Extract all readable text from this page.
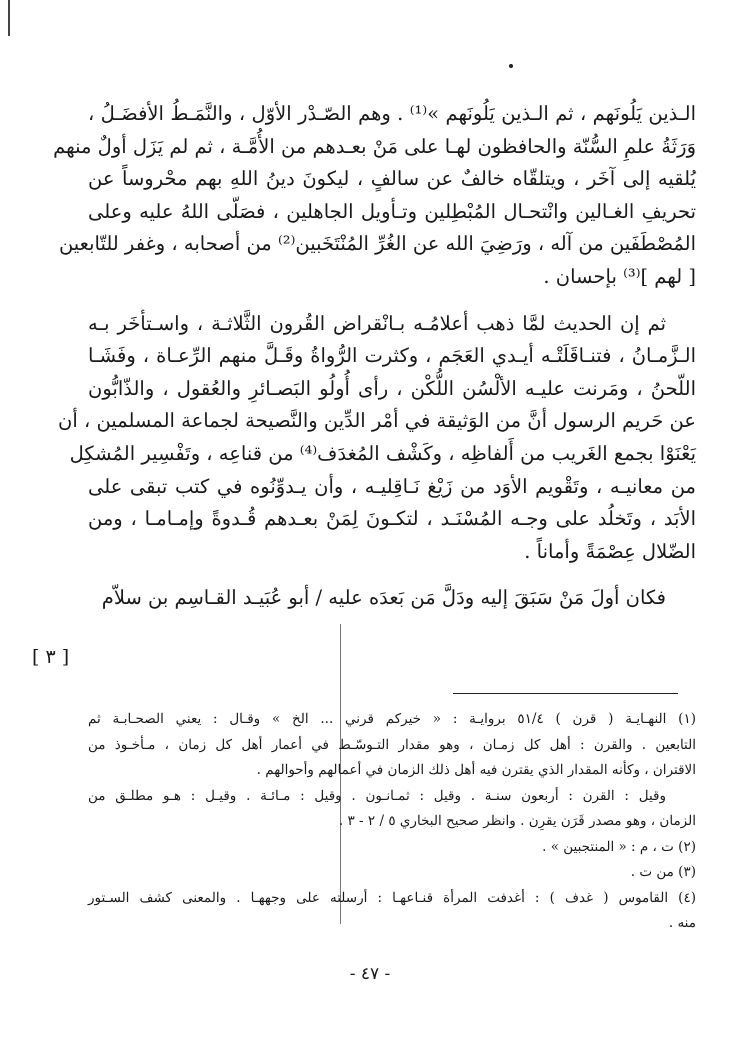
الـذين يَلُونَهم ، ثم الـذين يَلُونَهم »⁽¹⁾ . وهم الصّـدْر الأوّل ، والنَّمَـطُ الأفضَـلُ ،
وَرَثَةُ علمِ السُّنّة والحافظون لهـا على مَنْ بعـدهم من الأُمَّـة ، ثم لم يَزَل أولٌ منهم
يُلقيه إلى آخَر ، ويتلقّاه خالفٌ عن سالفٍ ، ليكونَ دينُ اللهِ بهم محْروساً عن
تحريفِ الغـالين وانْتحـال المُبْطِلين وتـأويل الجاهلين ، فصَلّى اللهُ عليه وعلى
المُصْطَفَين من آله ، ورَضِيَ الله عن الغُرِّ المُنْتَخَبين⁽²⁾ من أصحابه ، وغفر للتّابعين
[ لهم ]⁽³⁾ بإحسان .
ثم إن الحديث لمَّا ذهب أعلامُـه بـانْقراض القُرون الثَّلاثـة ، واسـتأخَر بـه
الـزَّمـانُ ، فتنـاقَلَتْـه أيـدي العَجَم ، وكثرت الرُّواةُ وقَـلَّ منهم الرِّعـاة ، وفَشَـا
اللّحنُ ، ومَرنت عليـه الألْسُن اللُّكْن ، رأى أُولُو البَصـائرِ والعُقول ، والذّابُّون
عن حَريم الرسول أنَّ من الوَثيقة في أمْر الدِّين والنَّصيحة لجماعة المسلمين ، أن
يَعْنَوْا بجمع الغَريب من أَلفاظِه ، وكَشْف المُغدَف⁽⁴⁾ من قناعِه ، وتَفْسِير المُشكِل
من معانيـه ، وتَقْويم الأوَد من زَيْغ نَـاقِليـه ، وأن يـدوِّنُوه في كتب تبقى على
الأبَد ، وتَخلُد على وجـه المُسْنَـد ، لتكـونَ لِمَنْ بعـدهم قُـدوةً وإمـامـا ، ومن
الضّلال عِصْمَةً وأماناً .
فكان أولَ مَنْ سَبَقَ إليه ودَلَّ مَن بَعدَه عليه / أبو عُبَيـد القـاسِم بن سلاّم
[ ٣ ]
(١) النهـايـة ( قرن ) ٥١/٤ بروايـة : « خيركم قرني ... الخ » وقـال : يعني الصحـابـة ثم
التابعين . والقرن : أهل كل زمـان ، وهو مقدار التـوسّـط في أعمار أهل كل زمان ، مـأخـوذ من
الاقتران ، وكأنه المقدار الذي يقترن فيه أهل ذلك الزمان في أعمالهم وأحوالهم .
وقيل : القرن : أربعون سنـة . وقيل : ثمـانـون . وقيل : مـائـة . وقيـل : هـو مطلـق من
الزمان ، وهو مصدر قَرَن يقرِن . وانظر صحيح البخاري ٥ / ٢ - ٣ .
(٢) ت ، م : « المنتجبين » .
(٣) من ت .
(٤) القاموس ( غدف ) : أغدفت المرأة قنـاعهـا : أرسلته على وجههـا . والمعنى كشف السـتور
منه .
- ٤٧ -
